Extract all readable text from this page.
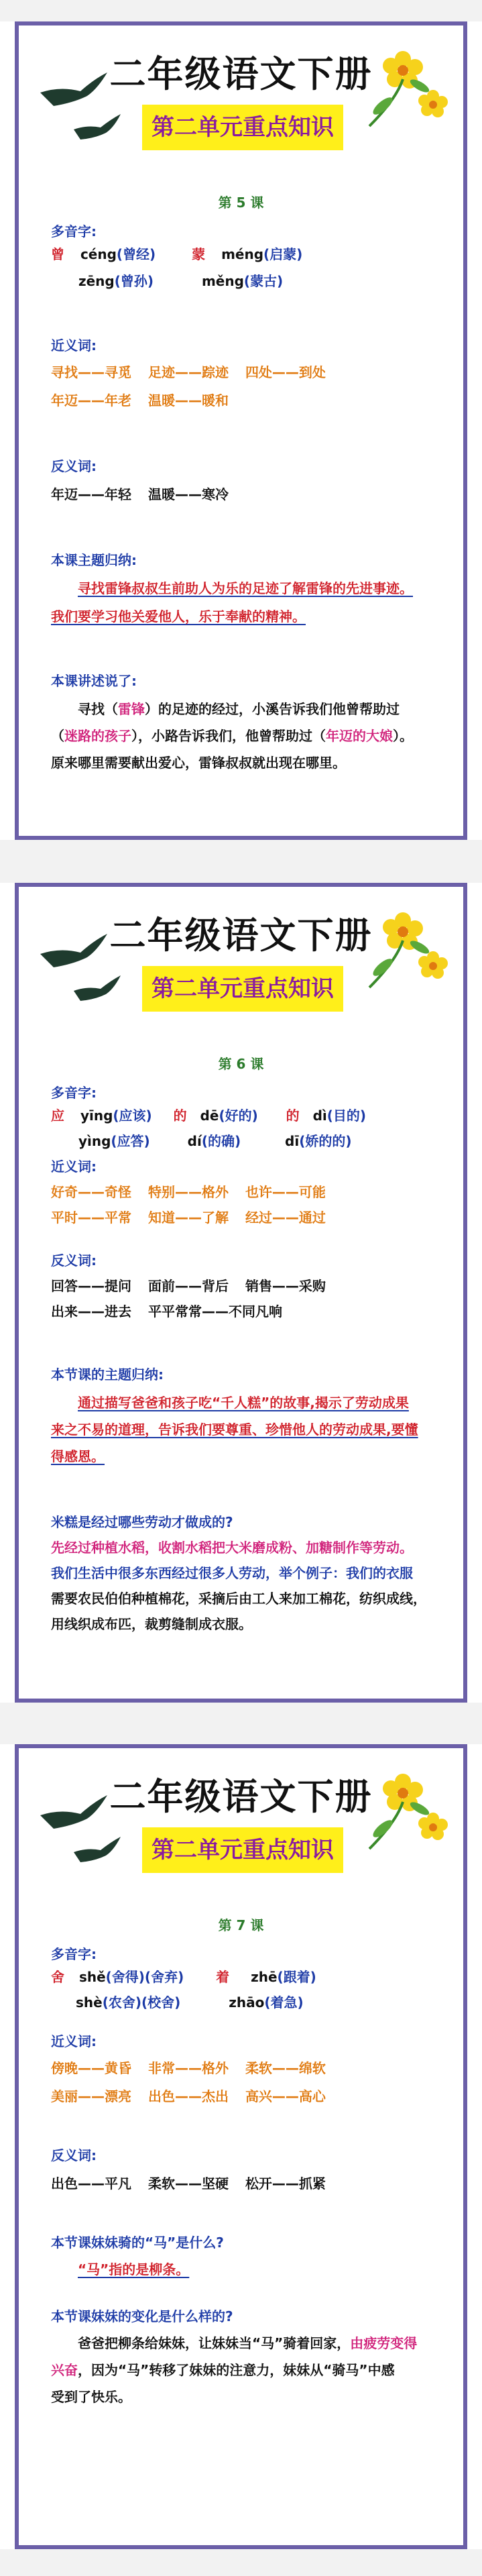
二年级语文下册
第二单元重点知识
第 5 课
多音字:
曾 céng(曾经)	蒙 méng(启蒙)
zēng(曾孙)	měng(蒙古)
近义词:
寻找——寻觅 足迹——踪迹 四处——到处
年迈——年老 温暖——暖和
反义词:
年迈——年轻 温暖——寒冷
本课主题归纳:
寻找雷锋叔叔生前助人为乐的足迹了解雷锋的先进事迹。
我们要学习他关爱他人，乐于奉献的精神。
本课讲述说了:
寻找（雷锋）的足迹的经过，小溪告诉我们他曾帮助过
（迷路的孩子），小路告诉我们，他曾帮助过（年迈的大娘）。
原来哪里需要献出爱心，雷锋叔叔就出现在哪里。
二年级语文下册
第二单元重点知识
第 6 课
多音字:
应 yīng(应该) 的 dē(好的) 的 dì(目的)
yìng(应答)	dí(的确)	dī(娇的的)
近义词:
好奇——奇怪 特别——格外 也许——可能
平时——平常 知道——了解 经过——通过
反义词:
回答——提问 面前——背后 销售——采购
出来——进去 平平常常——不同凡响
本节课的主题归纳:
通过描写爸爸和孩子吃“千人糕”的故事,揭示了劳动成果
来之不易的道理，告诉我们要尊重、珍惜他人的劳动成果,要懂
得感恩。
米糕是经过哪些劳动才做成的?
先经过种植水稻，收割水稻把大米磨成粉、加糖制作等劳动。
我们生活中很多东西经过很多人劳动，举个例子：我们的衣服
需要农民伯伯种植棉花，采摘后由工人来加工棉花，纺织成线，
用线织成布匹，裁剪缝制成衣服。
二年级语文下册
第二单元重点知识
第 7 课
多音字:
舍 shě(舍得)(舍弃) 着 zhē(跟着)
shè(农舍)(校舍)	zhāo(着急)
近义词:
傍晚——黄昏 非常——格外 柔软——绵软
美丽——漂亮 出色——杰出 高兴——高心
反义词:
出色——平凡 柔软——坚硬 松开——抓紧
本节课妹妹骑的“马”是什么?
“马”指的是柳条。
本节课妹妹的变化是什么样的?
爸爸把柳条给妹妹，让妹妹当“马”骑着回家，由疲劳变得
兴奋，因为“马”转移了妹妹的注意力，妹妹从“骑马”中感
受到了快乐。
